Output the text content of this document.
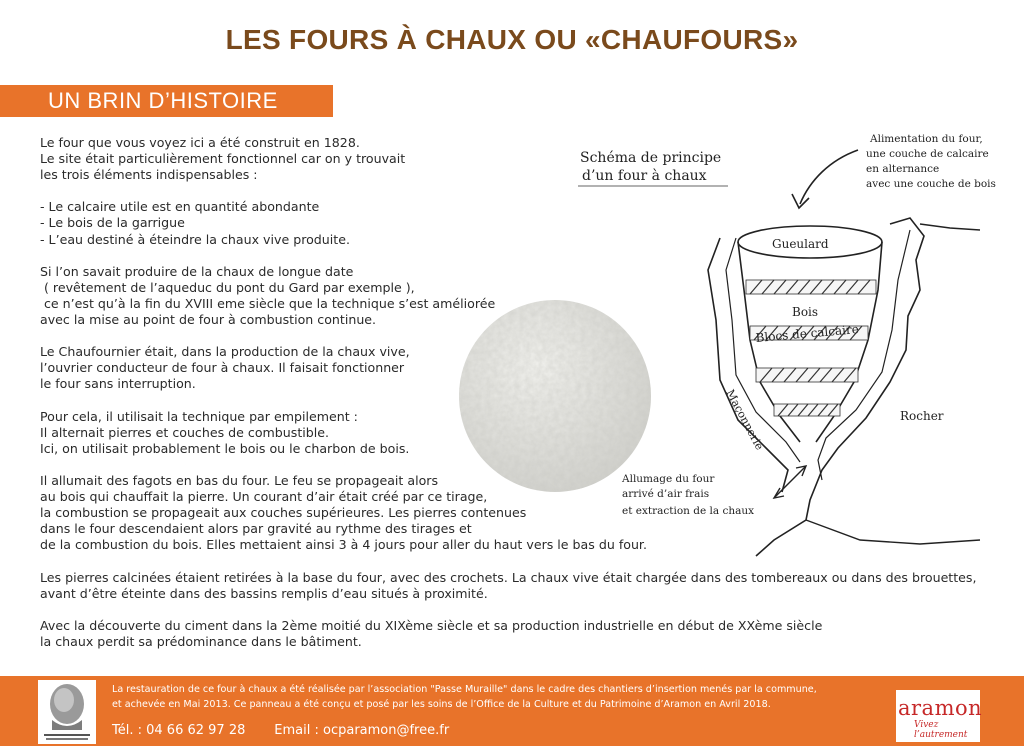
LES FOURS À CHAUX OU «CHAUFOURS»
UN BRIN D’HISTOIRE
Le four que vous voyez ici a été construit en 1828.
Le site était particulièrement fonctionnel car on y trouvait
les trois éléments indispensables :

- Le calcaire utile est en quantité abondante
- Le bois de la garrigue
- L’eau destiné à éteindre la chaux vive produite.

Si l’on savait produire de la chaux de longue date
( revêtement de l’aqueduc du pont du Gard par exemple ),
ce n’est qu’à la fin du XVIII eme siècle que la technique s’est améliorée
avec la mise au point de four à combustion continue.

Le Chaufournier était, dans la production de la chaux vive,
l’ouvrier conducteur de four à chaux. Il faisait fonctionner
le four sans interruption.

Pour cela, il utilisait la technique par empilement :
Il alternait pierres et couches de combustible.
Ici, on utilisait probablement le bois ou le charbon de bois.

Il allumait des fagots en bas du four. Le feu se propageait alors
au bois qui chauffait la pierre. Un courant d’air était créé par ce tirage,
la combustion se propageait aux couches supérieures. Les pierres contenues
dans le four descendaient alors par gravité au rythme des tirages et
de la combustion du bois. Elles mettaient ainsi 3 à 4 jours pour aller du haut vers le bas du four.

Les pierres calcinées étaient retirées à la base du four, avec des crochets. La chaux vive était chargée dans des tombereaux ou dans des brouettes,
avant d’être éteinte dans des bassins remplis d’eau situés à proximité.

Avec la découverte du ciment dans la 2ème moitié du XIXème siècle et sa production industrielle en début de XXème siècle
la chaux perdit sa prédominance dans le bâtiment.
Schéma de principe
d’un four à chaux
Alimentation du four,
une couche de calcaire
en alternance
avec une couche de bois
Gueulard
Bois
Blocs de calcaire
Maçonnerie	Rocher
Allumage du four
arrivé d’air frais
et extraction de la chaux
La restauration de ce four à chaux a été réalisée par l’association "Passe Muraille" dans le cadre des chantiers d’insertion menés par la commune,
et achevée en Mai 2013. Ce panneau a été conçu et posé par les soins de l’Office de la Culture et du Patrimoine d’Aramon en Avril 2018.
Tél. : 04 66 62 97 28       Email : ocparamon@free.fr
aramon
Vivez l’autrement
